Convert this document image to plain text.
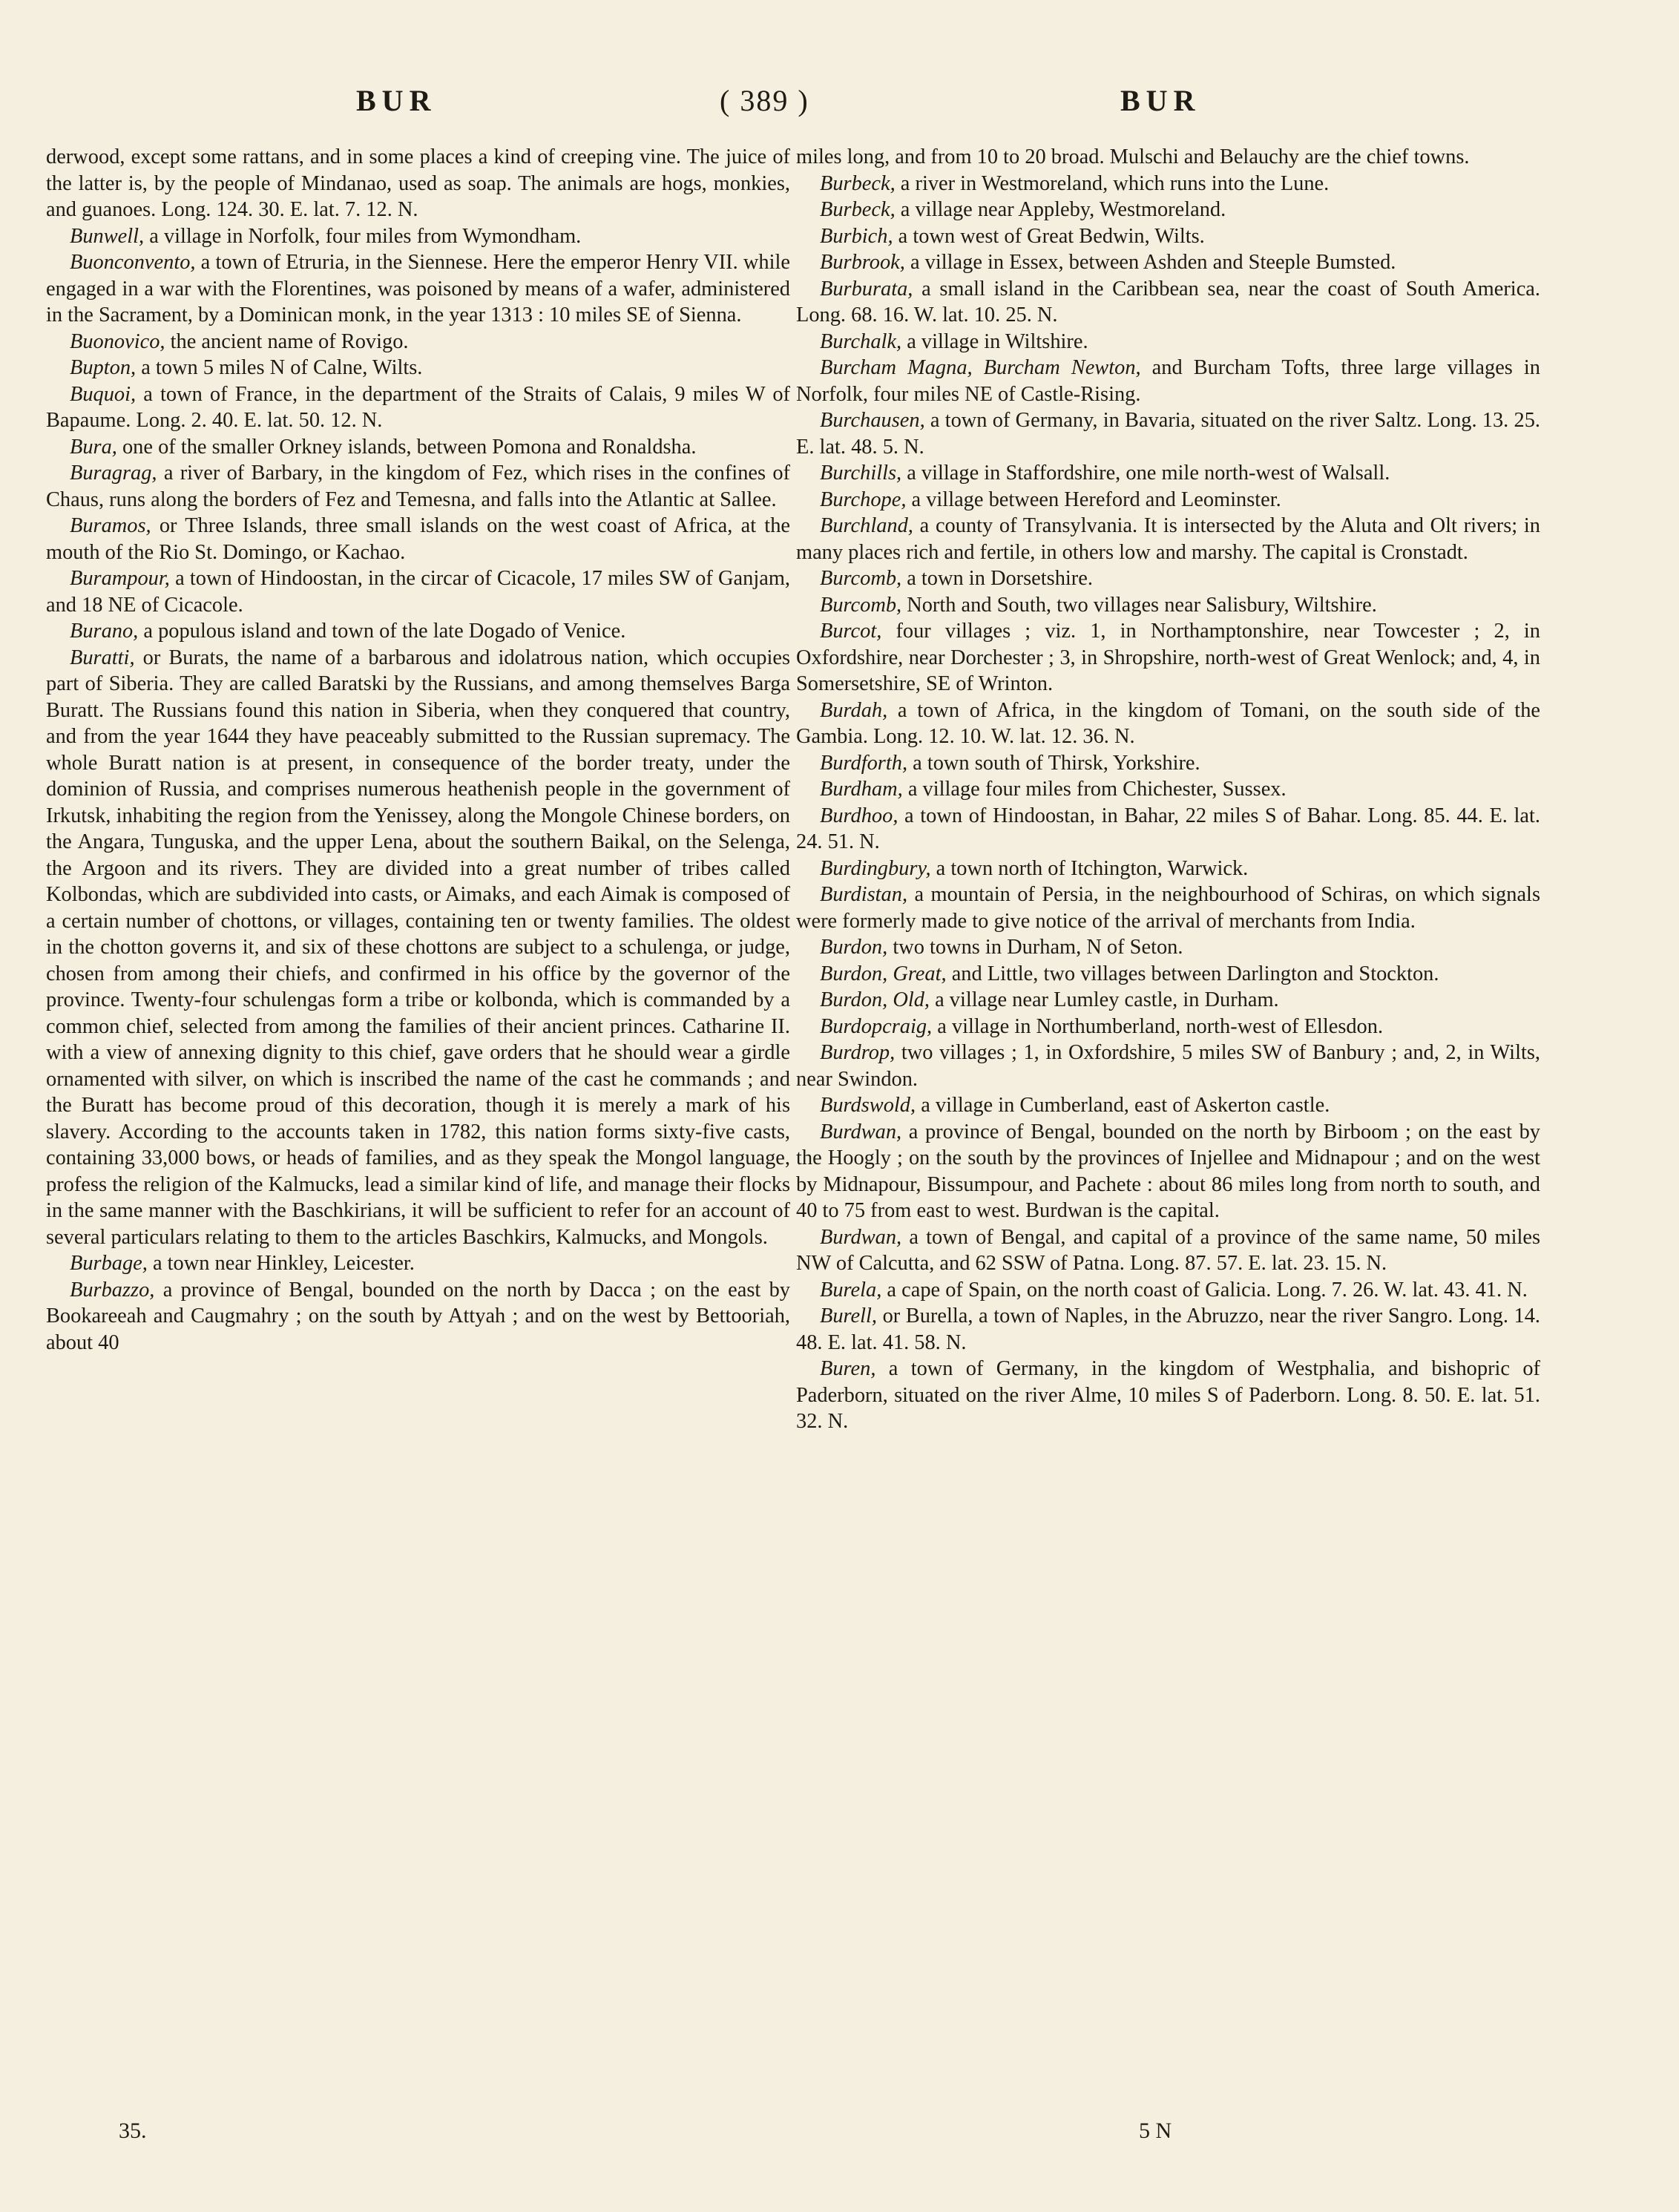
BUR	( 389 )	BUR

derwood, except some rattans, and in some places a kind of creeping vine. The juice of the latter is, by the people of Mindanao, used as soap. The animals are hogs, monkies, and guanoes. Long. 124. 30. E. lat. 7. 12. N.

Bunwell, a village in Norfolk, four miles from Wymondham.

Buonconvento, a town of Etruria, in the Siennese. Here the emperor Henry VII. while engaged in a war with the Florentines, was poisoned by means of a wafer, administered in the Sacrament, by a Dominican monk, in the year 1313 : 10 miles SE of Sienna.

Buonovico, the ancient name of Rovigo.

Bupton, a town 5 miles N of Calne, Wilts.

Buquoi, a town of France, in the department of the Straits of Calais, 9 miles W of Bapaume. Long. 2. 40. E. lat. 50. 12. N.

Bura, one of the smaller Orkney islands, between Pomona and Ronaldsha.

Buragrag, a river of Barbary, in the kingdom of Fez, which rises in the confines of Chaus, runs along the borders of Fez and Temesna, and falls into the Atlantic at Sallee.

Buramos, or Three Islands, three small islands on the west coast of Africa, at the mouth of the Rio St. Domingo, or Kachao.

Burampour, a town of Hindoostan, in the circar of Cicacole, 17 miles SW of Ganjam, and 18 NE of Cicacole.

Burano, a populous island and town of the late Dogado of Venice.

Buratti, or Burats, the name of a barbarous and idolatrous nation, which occupies part of Siberia. They are called Baratski by the Russians, and among themselves Barga Buratt. The Russians found this nation in Siberia, when they conquered that country, and from the year 1644 they have peaceably submitted to the Russian supremacy. The whole Buratt nation is at present, in consequence of the border treaty, under the dominion of Russia, and comprises numerous heathenish people in the government of Irkutsk, inhabiting the region from the Yenissey, along the Mongole Chinese borders, on the Angara, Tunguska, and the upper Lena, about the southern Baikal, on the Selenga, the Argoon and its rivers. They are divided into a great number of tribes called Kolbondas, which are subdivided into casts, or Aimaks, and each Aimak is composed of a certain number of chottons, or villages, containing ten or twenty families. The oldest in the chotton governs it, and six of these chottons are subject to a schulenga, or judge, chosen from among their chiefs, and confirmed in his office by the governor of the province. Twenty-four schulengas form a tribe or kolbonda, which is commanded by a common chief, selected from among the families of their ancient princes. Catharine II. with a view of annexing dignity to this chief, gave orders that he should wear a girdle ornamented with silver, on which is inscribed the name of the cast he commands ; and the Buratt has become proud of this decoration, though it is merely a mark of his slavery. According to the accounts taken in 1782, this nation forms sixty-five casts, containing 33,000 bows, or heads of families, and as they speak the Mongol language, profess the religion of the Kalmucks, lead a similar kind of life, and manage their flocks in the same manner with the Baschkirians, it will be sufficient to refer for an account of several particulars relating to them to the articles Baschkirs, Kalmucks, and Mongols.

Burbage, a town near Hinkley, Leicester.

Burbazzo, a province of Bengal, bounded on the north by Dacca ; on the east by Bookareeah and Caugmahry ; on the south by Attyah ; and on the west by Bettooriah, about 40

miles long, and from 10 to 20 broad. Mulschi and Belauchy are the chief towns.

Burbeck, a river in Westmoreland, which runs into the Lune.

Burbeck, a village near Appleby, Westmoreland.

Burbich, a town west of Great Bedwin, Wilts.

Burbrook, a village in Essex, between Ashden and Steeple Bumsted.

Burburata, a small island in the Caribbean sea, near the coast of South America. Long. 68. 16. W. lat. 10. 25. N.

Burchalk, a village in Wiltshire.

Burcham Magna, Burcham Newton, and Burcham Tofts, three large villages in Norfolk, four miles NE of Castle-Rising.

Burchausen, a town of Germany, in Bavaria, situated on the river Saltz. Long. 13. 25. E. lat. 48. 5. N.

Burchills, a village in Staffordshire, one mile north-west of Walsall.

Burchope, a village between Hereford and Leominster.

Burchland, a county of Transylvania. It is intersected by the Aluta and Olt rivers; in many places rich and fertile, in others low and marshy. The capital is Cronstadt.

Burcomb, a town in Dorsetshire.

Burcomb, North and South, two villages near Salisbury, Wiltshire.

Burcot, four villages ; viz. 1, in Northamptonshire, near Towcester ; 2, in Oxfordshire, near Dorchester ; 3, in Shropshire, north-west of Great Wenlock; and, 4, in Somersetshire, SE of Wrinton.

Burdah, a town of Africa, in the kingdom of Tomani, on the south side of the Gambia. Long. 12. 10. W. lat. 12. 36. N.

Burdforth, a town south of Thirsk, Yorkshire.

Burdham, a village four miles from Chichester, Sussex.

Burdhoo, a town of Hindoostan, in Bahar, 22 miles S of Bahar. Long. 85. 44. E. lat. 24. 51. N.

Burdingbury, a town north of Itchington, Warwick.

Burdistan, a mountain of Persia, in the neighbourhood of Schiras, on which signals were formerly made to give notice of the arrival of merchants from India.

Burdon, two towns in Durham, N of Seton.

Burdon, Great, and Little, two villages between Darlington and Stockton.

Burdon, Old, a village near Lumley castle, in Durham.

Burdopcraig, a village in Northumberland, north-west of Ellesdon.

Burdrop, two villages ; 1, in Oxfordshire, 5 miles SW of Banbury ; and, 2, in Wilts, near Swindon.

Burdswold, a village in Cumberland, east of Askerton castle.

Burdwan, a province of Bengal, bounded on the north by Birboom ; on the east by the Hoogly ; on the south by the provinces of Injellee and Midnapour ; and on the west by Midnapour, Bissumpour, and Pachete : about 86 miles long from north to south, and 40 to 75 from east to west. Burdwan is the capital.

Burdwan, a town of Bengal, and capital of a province of the same name, 50 miles NW of Calcutta, and 62 SSW of Patna. Long. 87. 57. E. lat. 23. 15. N.

Burela, a cape of Spain, on the north coast of Galicia. Long. 7. 26. W. lat. 43. 41. N.

Burell, or Burella, a town of Naples, in the Abruzzo, near the river Sangro. Long. 14. 48. E. lat. 41. 58. N.

Buren, a town of Germany, in the kingdom of Westphalia, and bishopric of Paderborn, situated on the river Alme, 10 miles S of Paderborn. Long. 8. 50. E. lat. 51. 32. N.

35.	5 N
